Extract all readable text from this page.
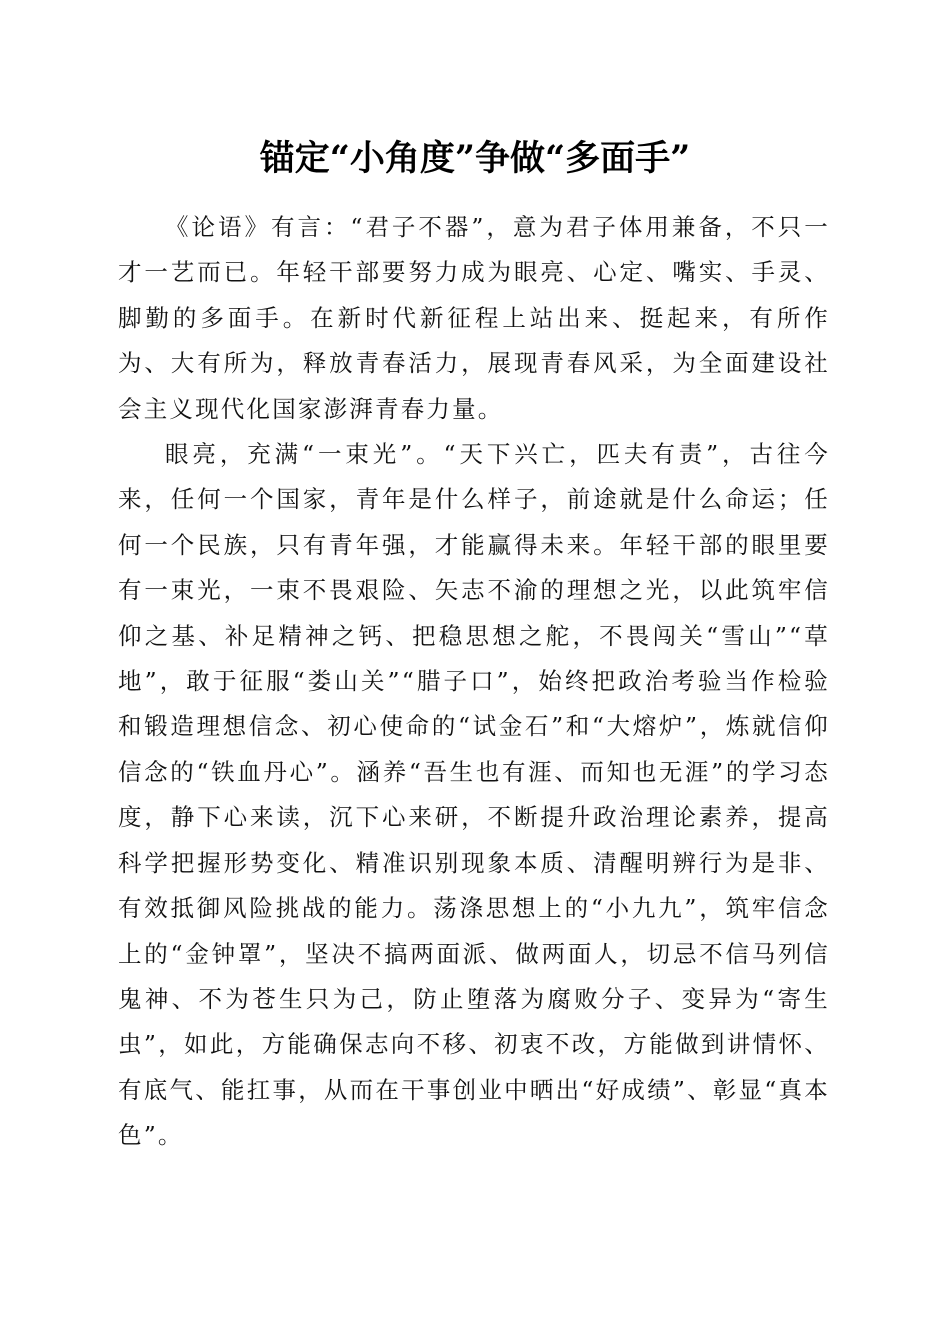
锚定“小角度”争做“多面手”

《论语》有言：“君子不器”，意为君子体用兼备，不只一才一艺而已。年轻干部要努力成为眼亮、心定、嘴实、手灵、脚勤的多面手。在新时代新征程上站出来、挺起来，有所作为、大有所为，释放青春活力，展现青春风采，为全面建设社会主义现代化国家澎湃青春力量。

眼亮，充满“一束光”。“天下兴亡，匹夫有责”，古往今来，任何一个国家，青年是什么样子，前途就是什么命运；任何一个民族，只有青年强，才能赢得未来。年轻干部的眼里要有一束光，一束不畏艰险、矢志不渝的理想之光，以此筑牢信仰之基、补足精神之钙、把稳思想之舵，不畏闯关“雪山”“草地”，敢于征服“娄山关”“腊子口”，始终把政治考验当作检验和锻造理想信念、初心使命的“试金石”和“大熔炉”，炼就信仰信念的“铁血丹心”。涵养“吾生也有涯、而知也无涯”的学习态度，静下心来读，沉下心来研，不断提升政治理论素养，提高科学把握形势变化、精准识别现象本质、清醒明辨行为是非、有效抵御风险挑战的能力。荡涤思想上的“小九九”，筑牢信念上的“金钟罩”，坚决不搞两面派、做两面人，切忌不信马列信鬼神、不为苍生只为己，防止堕落为腐败分子、变异为“寄生虫”，如此，方能确保志向不移、初衷不改，方能做到讲情怀、有底气、能扛事，从而在干事创业中晒出“好成绩”、彰显“真本色”。
